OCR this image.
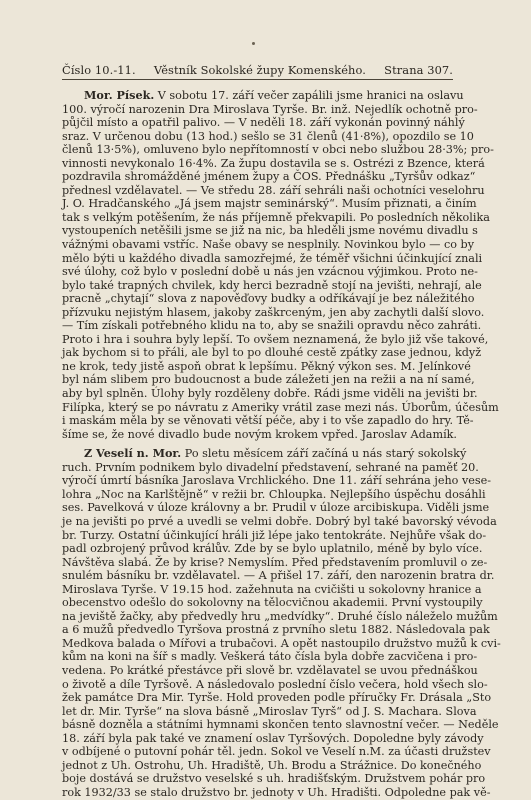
Číslo 10.-11. Věstník Sokolské župy Komenského. Strana 307.
Mor. Písek. V sobotu 17. září večer zapálili jsme hranici na oslavu
100. výročí narozenin Dra Miroslava Tyrše. Br. inž. Nejedlík ochotně pro-
půjčil místo a opatřil palivo. — V neděli 18. září vykonán povinný náhlý
sraz. V určenou dobu (13 hod.) sešlo se 31 členů (41·8%), opozdilo se 10
členů 13·5%), omluveno bylo nepřítomností v obci nebo službou 28·3%; pro-
vinnosti nevykonalo 16·4%. Za župu dostavila se s. Ostrézi z Bzence, která
pozdravila shromážděné jménem župy a ČOS. Přednášku „Tyršův odkaz“
přednesl vzdělavatel. — Ve středu 28. září sehráli naši ochotníci veselohru
J. O. Hradčanského „Já jsem majstr seminárský“. Musím přiznati, a činím
tak s velkým potěšením, že nás příjemně překvapili. Po posledních několika
vystoupeních netěšili jsme se již na nic, ba hleděli jsme novému divadlu s
vážnými obavami vstříc. Naše obavy se nesplnily. Novinkou bylo — co by
mělo býti u každého divadla samozřejmé, že téměř všichni účinkující znali
své úlohy, což bylo v poslední době u nás jen vzácnou výjimkou. Proto ne-
bylo také trapných chvilek, kdy herci bezradně stojí na jevišti, nehrají, ale
pracně „chytají“ slova z napověďovy budky a odříkávají je bez náležitého
přízvuku nejistým hlasem, jakoby zaškrceným, jen aby zachytli další slovo.
— Tím získali potřebného klidu na to, aby se snažili opravdu něco zahráti.
Proto i hra i souhra byly lepší. To ovšem neznamená, že bylo již vše takové,
jak bychom si to přáli, ale byl to po dlouhé cestě zpátky zase jednou, když
ne krok, tedy jistě aspoň obrat k lepšímu. Pěkný výkon ses. M. Jelínkové
byl nám slibem pro budoucnost a bude záležeti jen na režii a na ní samé,
aby byl splněn. Úlohy byly rozděleny dobře. Rádi jsme viděli na jevišti br.
Filípka, který se po návratu z Ameriky vrátil zase mezi nás. Úborům, účesům
i maskám měla by se věnovati větší péče, aby i to vše zapadlo do hry. Tě-
šíme se, že nové divadlo bude novým krokem vpřed. Jaroslav Adamík.
Z Veselí n. Mor. Po sletu měsícem září začíná u nás starý sokolský
ruch. Prvním podnikem bylo divadelní představení, sehrané na paměť 20.
výročí úmrtí básníka Jaroslava Vrchlického. Dne 11. září sehrána jeho vese-
lohra „Noc na Karlštějně“ v režii br. Chloupka. Nejlepšího úspěchu dosáhli
ses. Pavelková v úloze královny a br. Prudil v úloze arcibiskupa. Viděli jsme
je na jevišti po prvé a uvedli se velmi dobře. Dobrý byl také bavorský vévoda
br. Turzy. Ostatní účinkující hráli již lépe jako tentokráte. Nejhůře však do-
padl ozbrojený průvod králův. Zde by se bylo uplatnilo, méně by bylo více.
Návštěva slabá. Že by krise? Nemyslím. Před představením promluvil o ze-
snulém básníku br. vzdělavatel. — A přišel 17. září, den narozenin bratra dr.
Miroslava Tyrše. V 19.15 hod. zažehnuta na cvičišti u sokolovny hranice a
obecenstvo odešlo do sokolovny na tělocvičnou akademii. První vystoupily
na jeviště žačky, aby předvedly hru „medvídky“. Druhé číslo náleželo mužům
a 6 mužů předvedlo Tyršova prostná z prvního sletu 1882. Následovala pak
Medkova balada o Mířovi a trubačovi. A opět nastoupilo družstvo mužů k cvi-
kům na koni na šíř s madly. Veškerá táto čísla byla dobře zacvičena i pro-
vedena. Po krátké přestávce při slově br. vzdělavatel se uvou přednáškou
o životě a díle Tyršově. A následovalo poslední číslo večera, hold všech slo-
žek památce Dra Mir. Tyrše. Hold proveden podle příručky Fr. Drásala „Sto
let dr. Mir. Tyrše“ na slova básně „Miroslav Tyrš“ od J. S. Machara. Slova
básně dozněla a státními hymnami skončen tento slavnostní večer. — Neděle
18. září byla pak také ve znamení oslav Tyršových. Dopoledne byly závody
v odbíjené o putovní pohár těl. jedn. Sokol ve Veselí n.M. za účasti družstev
jednot z Uh. Ostrohu, Uh. Hradiště, Uh. Brodu a Strážnice. Do konečného
boje dostává se družstvo veselské s uh. hradišťským. Družstvem pohár pro
rok 1932/33 se stalo družstvo br. jednoty v Uh. Hradišti. Odpoledne pak vě-
